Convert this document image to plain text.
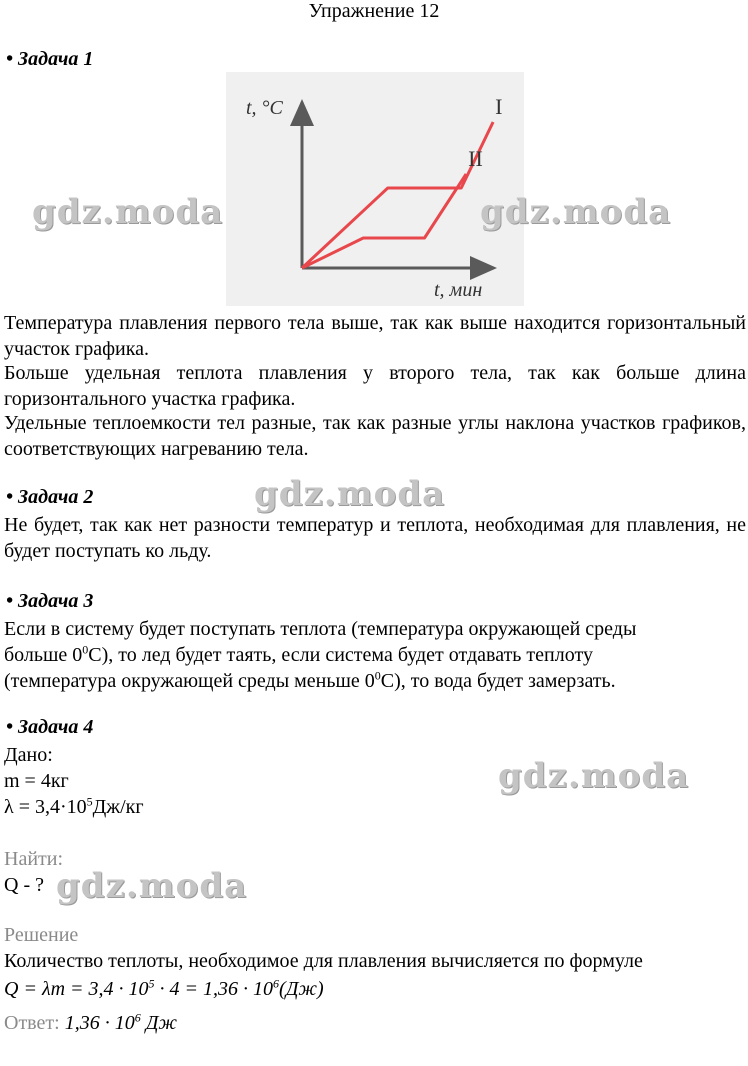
Упражнение 12
• Задача 1
I
II
t, °C
t, мин
gdz.moda	gdz.moda
Температура плавления первого тела выше, так как выше находится горизонтальный участок графика.
Больше удельная теплота плавления у второго тела, так как больше длина горизонтального участка графика.
Удельные теплоемкости тел разные, так как разные углы наклона участков графиков, соответствующих нагреванию тела.
gdz.moda
• Задача 2
Не будет, так как нет разности температур и теплота, необходимая для плавления, не будет поступать ко льду.
• Задача 3
Если в систему будет поступать теплота (температура окружающей среды
больше $0^0С$), то лед будет таять, если система будет отдавать теплоту
(температура окружающей среды меньше $0^0С$), то вода будет замерзать.
• Задача 4
Дано:
m = 4кг
$\lambda = 3,4\cdot 10^5Дж/кг$
gdz.moda
Найти:
Q - ? gdz.moda
Решение
Количество теплоты, необходимое для плавления вычисляется по формуле
$Q = \lambda m = 3,4 \cdot 10^5 \cdot 4 = 1,36 \cdot 10^6(Дж)$
Ответ: $1,36 \cdot 10^6$ Дж
